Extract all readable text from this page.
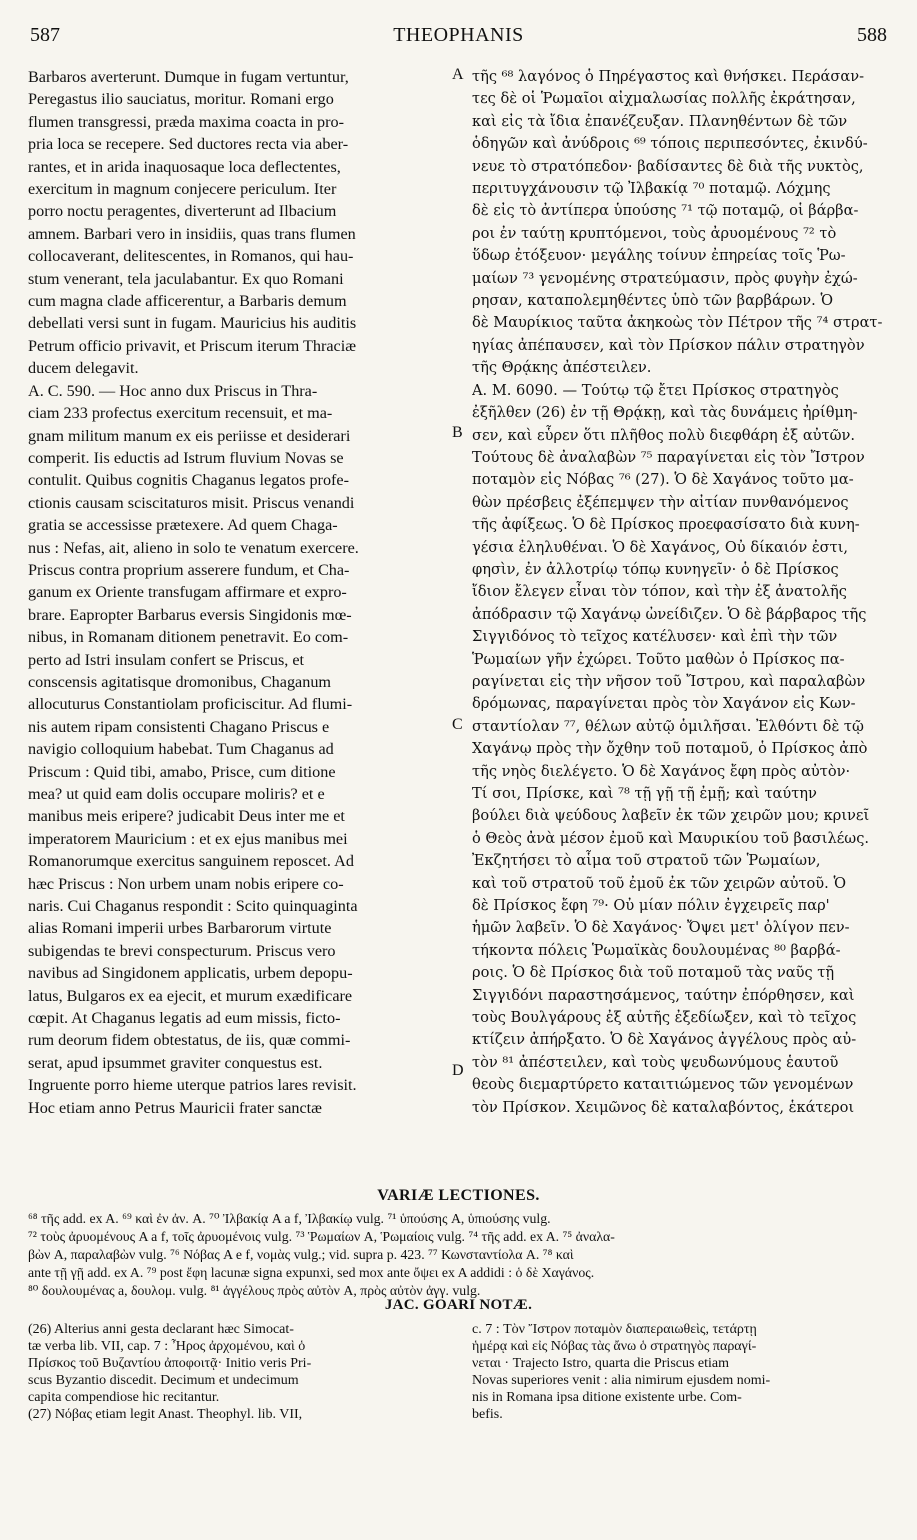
587	THEOPHANIS	588
Barbaros averterunt. Dumque in fugam vertuntur,
Peregastus ilio sauciatus, moritur. Romani ergo
flumen transgressi, præda maxima coacta in pro-
pria loca se recepere. Sed ductores recta via aber-
rantes, et in arida inaquosaque loca deflectentes,
exercitum in magnum conjecere periculum. Iter
porro noctu peragentes, diverterunt ad Ilbacium
amnem. Barbari vero in insidiis, quas trans flumen
collocaverant, delitescentes, in Romanos, qui hau-
stum venerant, tela jaculabantur. Ex quo Romani
cum magna clade afficerentur, a Barbaris demum
debellati versi sunt in fugam. Mauricius his auditis
Petrum officio privavit, et Priscum iterum Thraciæ
ducem delegavit.
A. C. 590. — Hoc anno dux Priscus in Thra-
ciam 233 profectus exercitum recensuit, et ma-
gnam militum manum ex eis periisse et desiderari
comperit. Iis eductis ad Istrum fluvium Novas se
contulit. Quibus cognitis Chaganus legatos profe-
ctionis causam sciscitaturos misit. Priscus venandi
gratia se accessisse prætexere. Ad quem Chaga-
nus : Nefas, ait, alieno in solo te venatum exercere.
Priscus contra proprium asserere fundum, et Cha-
ganum ex Oriente transfugam affirmare et expro-
brare. Eapropter Barbarus eversis Singidonis mœ-
nibus, in Romanam ditionem penetravit. Eo com-
perto ad Istri insulam confert se Priscus, et
conscensis agitatisque dromonibus, Chaganum
allocuturus Constantiolam proficiscitur. Ad flumi-
nis autem ripam consistenti Chagano Priscus e
navigio colloquium habebat. Tum Chaganus ad
Priscum : Quid tibi, amabo, Prisce, cum ditione
mea? ut quid eam dolis occupare moliris? et e
manibus meis eripere? judicabit Deus inter me et
imperatorem Mauricium : et ex ejus manibus mei
Romanorumque exercitus sanguinem reposcet. Ad
hæc Priscus : Non urbem unam nobis eripere co-
naris. Cui Chaganus respondit : Scito quinquaginta
alias Romani imperii urbes Barbarorum virtute
subigendas te brevi conspecturum. Priscus vero
navibus ad Singidonem applicatis, urbem depopu-
latus, Bulgaros ex ea ejecit, et murum exædificare
cœpit. At Chaganus legatis ad eum missis, ficto-
rum deorum fidem obtestatus, de iis, quæ commi-
serat, apud ipsummet graviter conquestus est.
Ingruente porro hieme uterque patrios lares revisit.
Hoc etiam anno Petrus Mauricii frater sanctæ
τῆς ⁶⁸ λαγόνος ὁ Πηρέγαστος καὶ θνήσκει. Περάσαν-
τες δὲ οἱ Ῥωμαῖοι αἰχμαλωσίας πολλῆς ἐκράτησαν,
καὶ εἰς τὰ ἴδια ἐπανέζευξαν. Πλανηθέντων δὲ τῶν
ὁδηγῶν καὶ ἀνύδροις ⁶⁹ τόποις περιπεσόντες, ἐκινδύ-
νευε τὸ στρατόπεδον· βαδίσαντες δὲ διὰ τῆς νυκτὸς,
περιτυγχάνουσιν τῷ Ἰλβακίᾳ ⁷⁰ ποταμῷ. Λόχμης
δὲ εἰς τὸ ἀντίπερα ὑπούσης ⁷¹ τῷ ποταμῷ, οἱ βάρβα-
ροι ἐν ταύτῃ κρυπτόμενοι, τοὺς ἀρυομένους ⁷² τὸ
ὕδωρ ἐτόξευον· μεγάλης τοίνυν ἐπηρείας τοῖς Ῥω-
μαίων ⁷³ γενομένης στρατεύμασιν, πρὸς φυγὴν ἐχώ-
ρησαν, καταπολεμηθέντες ὑπὸ τῶν βαρβάρων. Ὁ
δὲ Μαυρίκιος ταῦτα ἀκηκοὼς τὸν Πέτρον τῆς ⁷⁴ στρατ-
ηγίας ἀπέπαυσεν, καὶ τὸν Πρίσκον πάλιν στρατηγὸν
τῆς Θρᾴκης ἀπέστειλεν.
Α. Μ. 6090. — Τούτῳ τῷ ἔτει Πρίσκος στρατηγὸς
ἐξῆλθεν (26) ἐν τῇ Θρᾴκῃ, καὶ τὰς δυνάμεις ἠρίθμη-
σεν, καὶ εὗρεν ὅτι πλῆθος πολὺ διεφθάρη ἐξ αὐτῶν.
Τούτους δὲ ἀναλαβὼν ⁷⁵ παραγίνεται εἰς τὸν Ἴστρον
ποταμὸν εἰς Νόβας ⁷⁶ (27). Ὁ δὲ Χαγάνος τοῦτο μα-
θὼν πρέσβεις ἐξέπεμψεν τὴν αἰτίαν πυνθανόμενος
τῆς ἀφίξεως. Ὁ δὲ Πρίσκος προεφασίσατο διὰ κυνη-
γέσια ἐληλυθέναι. Ὁ δὲ Χαγάνος, Οὐ δίκαιόν ἐστι,
φησὶν, ἐν ἀλλοτρίῳ τόπῳ κυνηγεῖν· ὁ δὲ Πρίσκος
ἴδιον ἔλεγεν εἶναι τὸν τόπον, καὶ τὴν ἐξ ἀνατολῆς
ἀπόδρασιν τῷ Χαγάνῳ ὠνείδιζεν. Ὁ δὲ βάρβαρος τῆς
Σιγγιδόνος τὸ τεῖχος κατέλυσεν· καὶ ἐπὶ τὴν τῶν
Ῥωμαίων γῆν ἐχώρει. Τοῦτο μαθὼν ὁ Πρίσκος πα-
ραγίνεται εἰς τὴν νῆσον τοῦ Ἴστρου, καὶ παραλαβὼν
δρόμωνας, παραγίνεται πρὸς τὸν Χαγάνον εἰς Κων-
σταντίολαν ⁷⁷, θέλων αὐτῷ ὁμιλῆσαι. Ἐλθόντι δὲ τῷ
Χαγάνῳ πρὸς τὴν ὄχθην τοῦ ποταμοῦ, ὁ Πρίσκος ἀπὸ
τῆς νηὸς διελέγετο. Ὁ δὲ Χαγάνος ἔφη πρὸς αὐτὸν·
Τί σοι, Πρίσκε, καὶ ⁷⁸ τῇ γῇ τῇ ἐμῇ; καὶ ταύτην
βούλει διὰ ψεύδους λαβεῖν ἐκ τῶν χειρῶν μου; κρινεῖ
ὁ Θεὸς ἀνὰ μέσον ἐμοῦ καὶ Μαυρικίου τοῦ βασιλέως.
Ἐκζητήσει τὸ αἷμα τοῦ στρατοῦ τῶν Ῥωμαίων,
καὶ τοῦ στρατοῦ τοῦ ἐμοῦ ἐκ τῶν χειρῶν αὐτοῦ. Ὁ
δὲ Πρίσκος ἔφη ⁷⁹· Οὐ μίαν πόλιν ἐγχειρεῖς παρ'
ἡμῶν λαβεῖν. Ὁ δὲ Χαγάνος· Ὄψει μετ' ὀλίγον πεν-
τήκοντα πόλεις Ῥωμαϊκὰς δουλουμένας ⁸⁰ βαρβά-
ροις. Ὁ δὲ Πρίσκος διὰ τοῦ ποταμοῦ τὰς ναῦς τῇ
Σιγγιδόνι παραστησάμενος, ταύτην ἐπόρθησεν, καὶ
τοὺς Βουλγάρους ἐξ αὐτῆς ἐξεδίωξεν, καὶ τὸ τεῖχος
κτίζειν ἀπήρξατο. Ὁ δὲ Χαγάνος ἀγγέλους πρὸς αὐ-
τὸν ⁸¹ ἀπέστειλεν, καὶ τοὺς ψευδωνύμους ἑαυτοῦ
θεοὺς διεμαρτύρετο καταιτιώμενος τῶν γενομένων
τὸν Πρίσκον. Χειμῶνος δὲ καταλαβόντος, ἑκάτεροι
A
B
C
D
VARIÆ LECTIONES.
⁶⁸ τῆς add. ex A. ⁶⁹ καὶ ἐν ἀν. A. ⁷⁰ Ἰλβακίᾳ A a f, Ἰλβακίῳ vulg. ⁷¹ ὑπούσης A, ὑπιούσης vulg.
⁷² τοὺς ἀρυομένους A a f, τοῖς ἀρυομένοις vulg. ⁷³ Ῥωμαίων A, Ῥωμαίοις vulg. ⁷⁴ τῆς add. ex A. ⁷⁵ ἀναλα-
βὼν A, παραλαβὼν vulg. ⁷⁶ Νόβας A e f, νομὰς vulg.; vid. supra p. 423. ⁷⁷ Κωνσταντίολα A. ⁷⁸ καὶ
ante τῇ γῇ add. ex A. ⁷⁹ post ἔφη lacunæ signa expunxi, sed mox ante ὄψει ex A addidi : ὁ δὲ Χαγάνος.
⁸⁰ δουλουμένας a, δουλομ. vulg. ⁸¹ ἀγγέλους πρὸς αὐτὸν A, πρὸς αὐτὸν ἀγγ. vulg.
JAC. GOARI NOTÆ.
(26) Alterius anni gesta declarant hæc Simocat-
tæ verba lib. VII, cap. 7 : Ἦρος ἀρχομένου, καὶ ὁ
Πρίσκος τοῦ Βυζαντίου ἀποφοιτᾷ· Initio veris Pri-
scus Byzantio discedit. Decimum et undecimum
capita compendiose hic recitantur.
(27) Νόβας etiam legit Anast. Theophyl. lib. VII,
c. 7 : Τὸν Ἴστρον ποταμὸν διαπεραιωθεὶς, τετάρτῃ
ἡμέρᾳ καὶ εἰς Νόβας τὰς ἄνω ὁ στρατηγὸς παραγί-
νεται · Trajecto Istro, quarta die Priscus etiam
Novas superiores venit : alia nimirum ejusdem nomi-
nis in Romana ipsa ditione existente urbe. Com-
befis.
